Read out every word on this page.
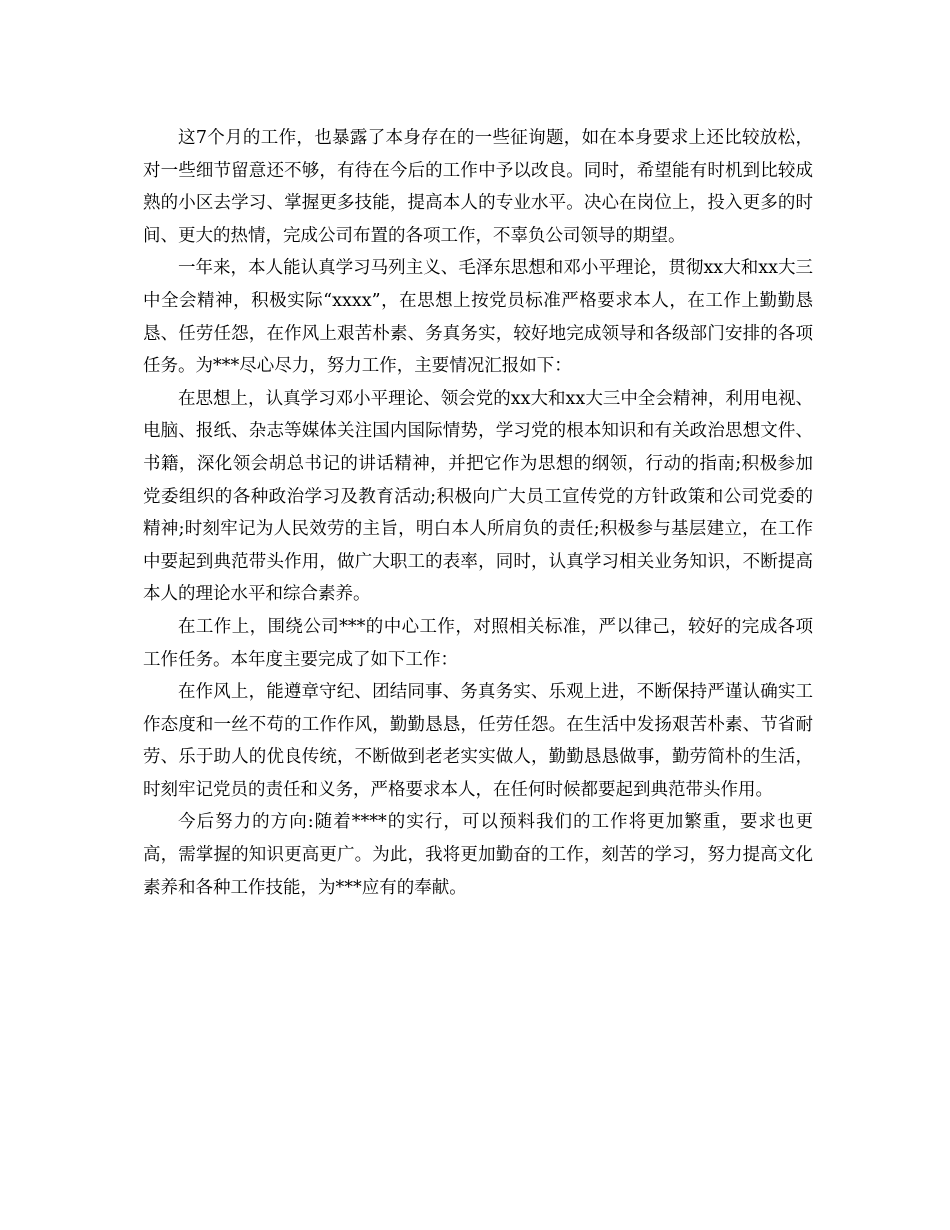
这7个月的工作，也暴露了本身存在的一些征询题，如在本身要求上还比较放松，对一些细节留意还不够，有待在今后的工作中予以改良。同时，希望能有时机到比较成熟的小区去学习、掌握更多技能，提高本人的专业水平。决心在岗位上，投入更多的时间、更大的热情，完成公司布置的各项工作，不辜负公司领导的期望。

一年来，本人能认真学习马列主义、毛泽东思想和邓小平理论，贯彻xx大和xx大三中全会精神，积极实际“xxxx”，在思想上按党员标准严格要求本人，在工作上勤勤恳恳、任劳任怨，在作风上艰苦朴素、务真务实，较好地完成领导和各级部门安排的各项任务。为***尽心尽力，努力工作，主要情况汇报如下：

在思想上，认真学习邓小平理论、领会党的xx大和xx大三中全会精神，利用电视、电脑、报纸、杂志等媒体关注国内国际情势，学习党的根本知识和有关政治思想文件、书籍，深化领会胡总书记的讲话精神，并把它作为思想的纲领，行动的指南;积极参加党委组织的各种政治学习及教育活动;积极向广大员工宣传党的方针政策和公司党委的精神;时刻牢记为人民效劳的主旨，明白本人所肩负的责任;积极参与基层建立，在工作中要起到典范带头作用，做广大职工的表率，同时，认真学习相关业务知识，不断提高本人的理论水平和综合素养。

在工作上，围绕公司***的中心工作，对照相关标准，严以律己，较好的完成各项工作任务。本年度主要完成了如下工作：

在作风上，能遵章守纪、团结同事、务真务实、乐观上进，不断保持严谨认确实工作态度和一丝不苟的工作作风，勤勤恳恳，任劳任怨。在生活中发扬艰苦朴素、节省耐劳、乐于助人的优良传统，不断做到老老实实做人，勤勤恳恳做事，勤劳简朴的生活，时刻牢记党员的责任和义务，严格要求本人，在任何时候都要起到典范带头作用。

今后努力的方向:随着****的实行，可以预料我们的工作将更加繁重，要求也更高，需掌握的知识更高更广。为此，我将更加勤奋的工作，刻苦的学习，努力提高文化素养和各种工作技能，为***应有的奉献。
